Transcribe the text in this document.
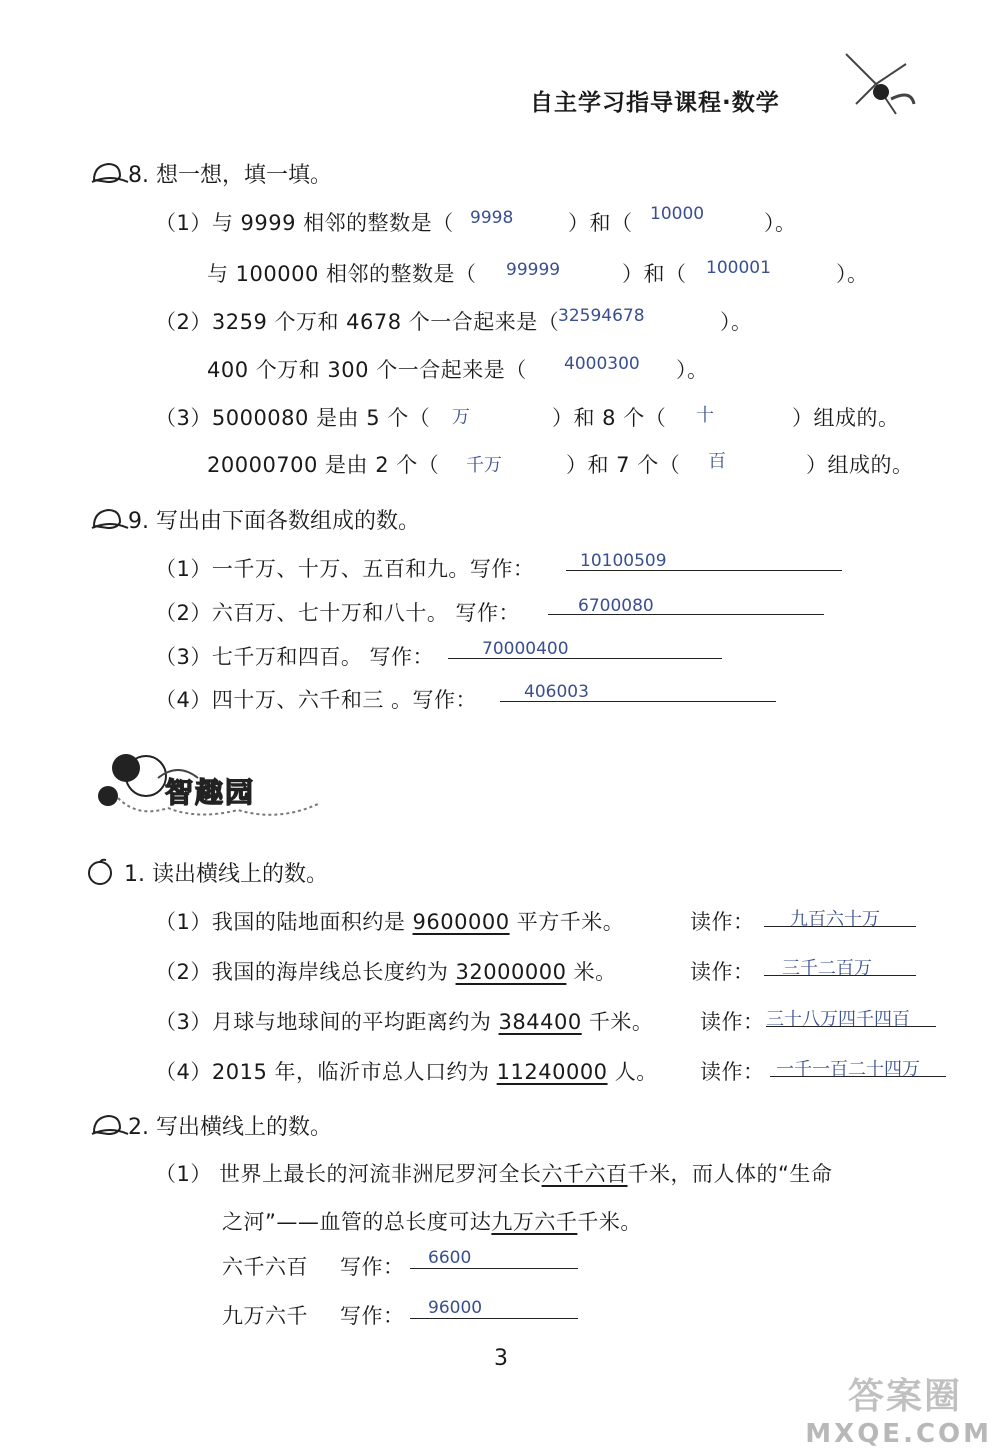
自主学习指导课程·数学
8. 想一想，填一填。
（1）与 9999 相邻的整数是（ 9998	）和（ 10000	）。
与 100000 相邻的整数是（ 99999	）和（ 100001	）。
（2）3259 个万和 4678 个一合起来是（
32594678	）。
400 个万和 300 个一合起来是（ 4000300 ）。
（3）5000080 是由 5 个（ 万	）和 8 个（ 十	）组成的。
20000700 是由 2 个（ 千万	）和 7 个（ 百	）组成的。
9. 写出由下面各数组成的数。
（1）一千万、十万、五百和九。写作：	10100509
（2）六百万、七十万和八十。 写作：	6700080
（3）七千万和四百。 写作：	70000400
（4）四十万、六千和三 。写作：	406003
智趣园
1. 读出横线上的数。
（1）我国的陆地面积约是 9600000 平方千米。	读作： 九百六十万
（2）我国的海岸线总长度约为 32000000 米。	读作： 三千二百万
（3）月球与地球间的平均距离约为 384400 千米。 读作： 三十八万四千四百
（4）2015 年，临沂市总人口约为 11240000 人。 读作： 一千一百二十四万
2. 写出横线上的数。
（1） 世界上最长的河流非洲尼罗河全长六千六百千米，而人体的“生命
之河”——血管的总长度可达九万六千千米。
六千六百 写作： 6600
九万六千 写作： 96000
3
答案圈
MXQE.COM
